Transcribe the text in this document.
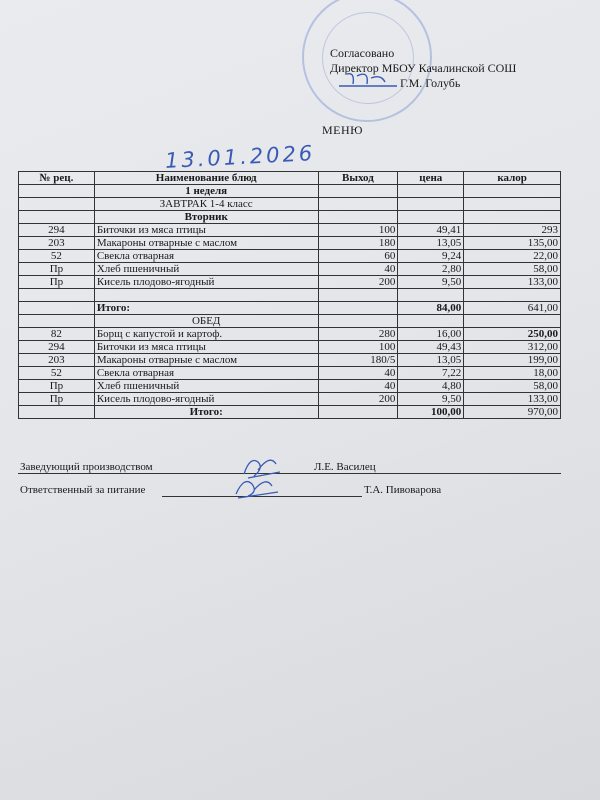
Согласовано
Директор МБОУ Качалинской СОШ
Г.М. Голубь
МЕНЮ
13.01.2026
№ рец.	Наименование блюд	Выход	цена	калор
	1 неделя			
	ЗАВТРАК 1-4 класс			
	Вторник			
294	Биточки из мяса птицы	100	49,41	293
203	Макароны отварные с маслом	180	13,05	135,00
52	Свекла отварная	60	9,24	22,00
Пр	Хлеб пшеничный	40	2,80	58,00
Пр	Кисель плодово-ягодный	200	9,50	133,00

	Итого:		84,00	641,00
	ОБЕД			
82	Борщ с капустой и картоф.	280	16,00	250,00
294	Биточки из мяса птицы	100	49,43	312,00
203	Макароны отварные с маслом	180/5	13,05	199,00
52	Свекла отварная	40	7,22	18,00
Пр	Хлеб пшеничный	40	4,80	58,00
Пр	Кисель плодово-ягодный	200	9,50	133,00
	Итого:		100,00	970,00
Заведующий производством	Л.Е. Василец
Ответственный за питание	Т.А. Пивоварова
